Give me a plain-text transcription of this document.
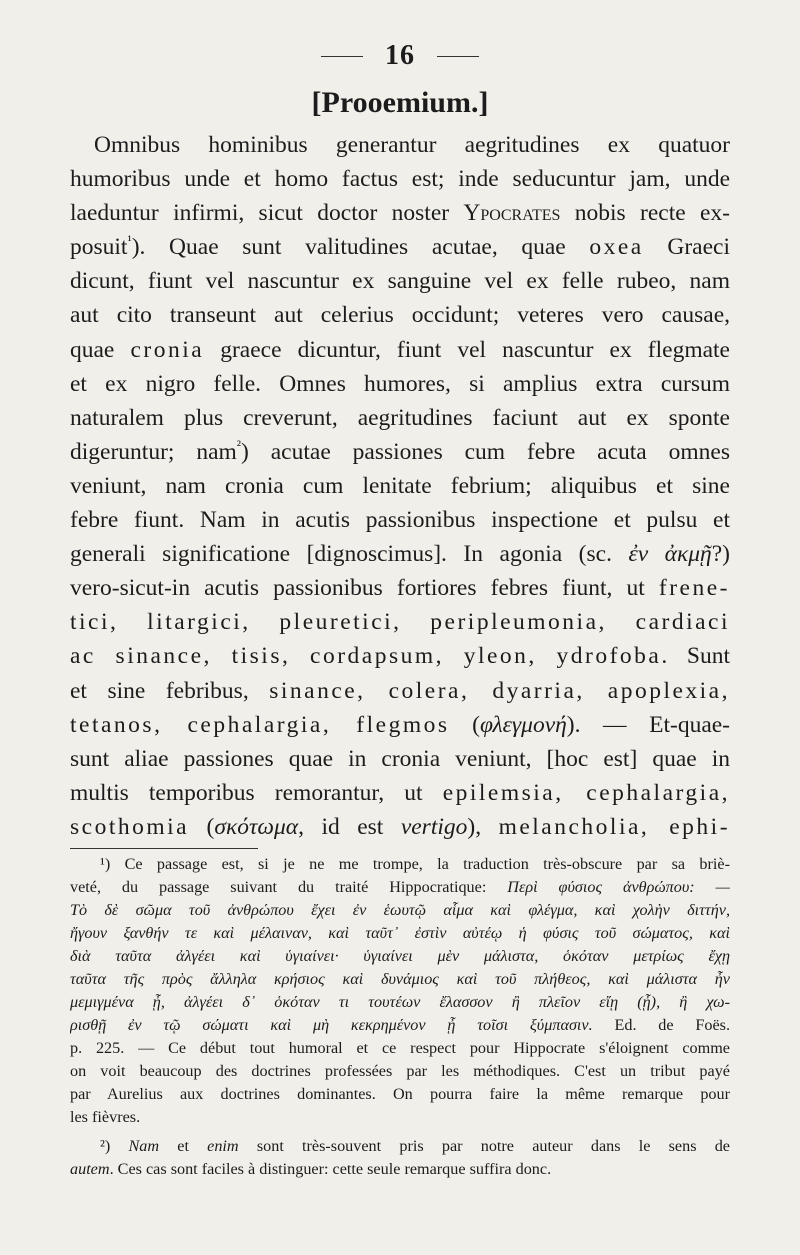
16
[Prooemium.]
Omnibus hominibus generantur aegritudines ex quatuor
humoribus unde et homo factus est; inde seducuntur jam, unde
laeduntur infirmi, sicut doctor noster Ypocrates nobis recte ex-
posuit$^{^1}$). Quae sunt valitudines acutae, quae oxea Graeci
dicunt, fiunt vel nascuntur ex sanguine vel ex felle rubeo, nam
aut cito transeunt aut celerius occidunt; veteres vero causae,
quae cronia graece dicuntur, fiunt vel nascuntur ex flegmate
et ex nigro felle. Omnes humores, si amplius extra cursum
naturalem plus creverunt, aegritudines faciunt aut ex sponte
digeruntur; nam$^{^2}$) acutae passiones cum febre acuta omnes
veniunt, nam cronia cum lenitate febrium; aliquibus et sine
febre fiunt. Nam in acutis passionibus inspectione et pulsu et
generali significatione [dignoscimus]. In agonia (sc. ἐν ἀκμῇ?)
vero-sicut-in acutis passionibus fortiores febres fiunt, ut frene-
tici, litargici, pleuretici, peripleumonia, cardiaci
ac sinance, tisis, cordapsum, yleon, ydrofoba. Sunt
et sine febribus, sinance, colera, dyarria, apoplexia,
tetanos, cephalargia, flegmos (φλεγμονή). — Et-quae-
sunt aliae passiones quae in cronia veniunt, [hoc est] quae in
multis temporibus remorantur, ut epilemsia, cephalargia,
scothomia (σκότωμα, id est vertigo), melancholia, ephi-
¹) Ce passage est, si je ne me trompe, la traduction très-obscure par sa briè-
veté, du passage suivant du traité Hippocratique: Περὶ φύσιος ἀνθρώπου: —
Τὸ δὲ σῶμα τοῦ ἀνθρώπου ἔχει ἐν ἑωυτῷ αἷμα καὶ φλέγμα, καὶ χολὴν διττήν,
ἤγουν ξανθήν τε καὶ μέλαιναν, καὶ ταῦτ᾽ ἐστὶν αὐτέῳ ἡ φύσις τοῦ σώματος, καὶ
διὰ ταῦτα ἀλγέει καὶ ὑγιαίνει· ὑγιαίνει μὲν μάλιστα, ὁκόταν μετρίως ἔχῃ
ταῦτα τῆς πρὸς ἄλληλα κρήσιος καὶ δυνάμιος καὶ τοῦ πλήθεος, καὶ μάλιστα ἦν
μεμιγμένα ᾖ, ἀλγέει δ᾽ ὁκόταν τι τουτέων ἔλασσον ἢ πλεῖον εἴῃ (ᾖ), ἢ χω-
ρισθῇ ἐν τῷ σώματι καὶ μὴ κεκρημένον ᾖ τοῖσι ξύμπασιν. Ed. de Foës.
p. 225. — Ce début tout humoral et ce respect pour Hippocrate s'éloignent comme
on voit beaucoup des doctrines professées par les méthodiques. C'est un tribut payé
par Aurelius aux doctrines dominantes. On pourra faire la même remarque pour
les fièvres.
²) Nam et enim sont très-souvent pris par notre auteur dans le sens de
autem. Ces cas sont faciles à distinguer: cette seule remarque suffira donc.
